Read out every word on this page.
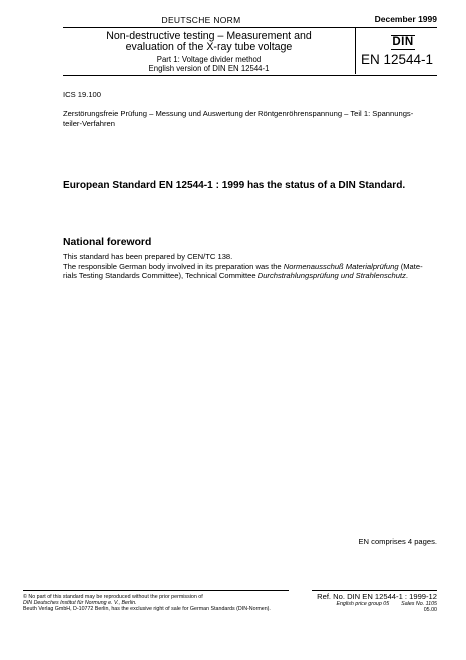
DEUTSCHE NORM	December 1999
Non-destructive testing – Measurement and
evaluation of the X-ray tube voltage
Part 1: Voltage divider method
English version of DIN EN 12544-1
DIN
EN 12544-1
ICS 19.100
Zerstörungsfreie Prüfung – Messung und Auswertung der Röntgenröhrenspannung – Teil 1: Spannungs-
teiler-Verfahren
European Standard EN 12544-1 : 1999 has the status of a DIN Standard.
National foreword

This standard has been prepared by CEN/TC 138.

The responsible German body involved in its preparation was the Normenausschuß Materialprüfung (Mate-

rials Testing Standards Committee), Technical Committee Durchstrahlungsprüfung und Strahlenschutz.

EN comprises 4 pages.
© No part of this standard may be reproduced without the prior permission of
DIN Deutsches Institut für Normung e. V., Berlin.
Beuth Verlag GmbH, D-10772 Berlin, has the exclusive right of sale for German Standards (DIN-Normen).
Ref. No. DIN EN 12544-1 : 1999-12
English price group 05 Sales No. 1105
05.00
